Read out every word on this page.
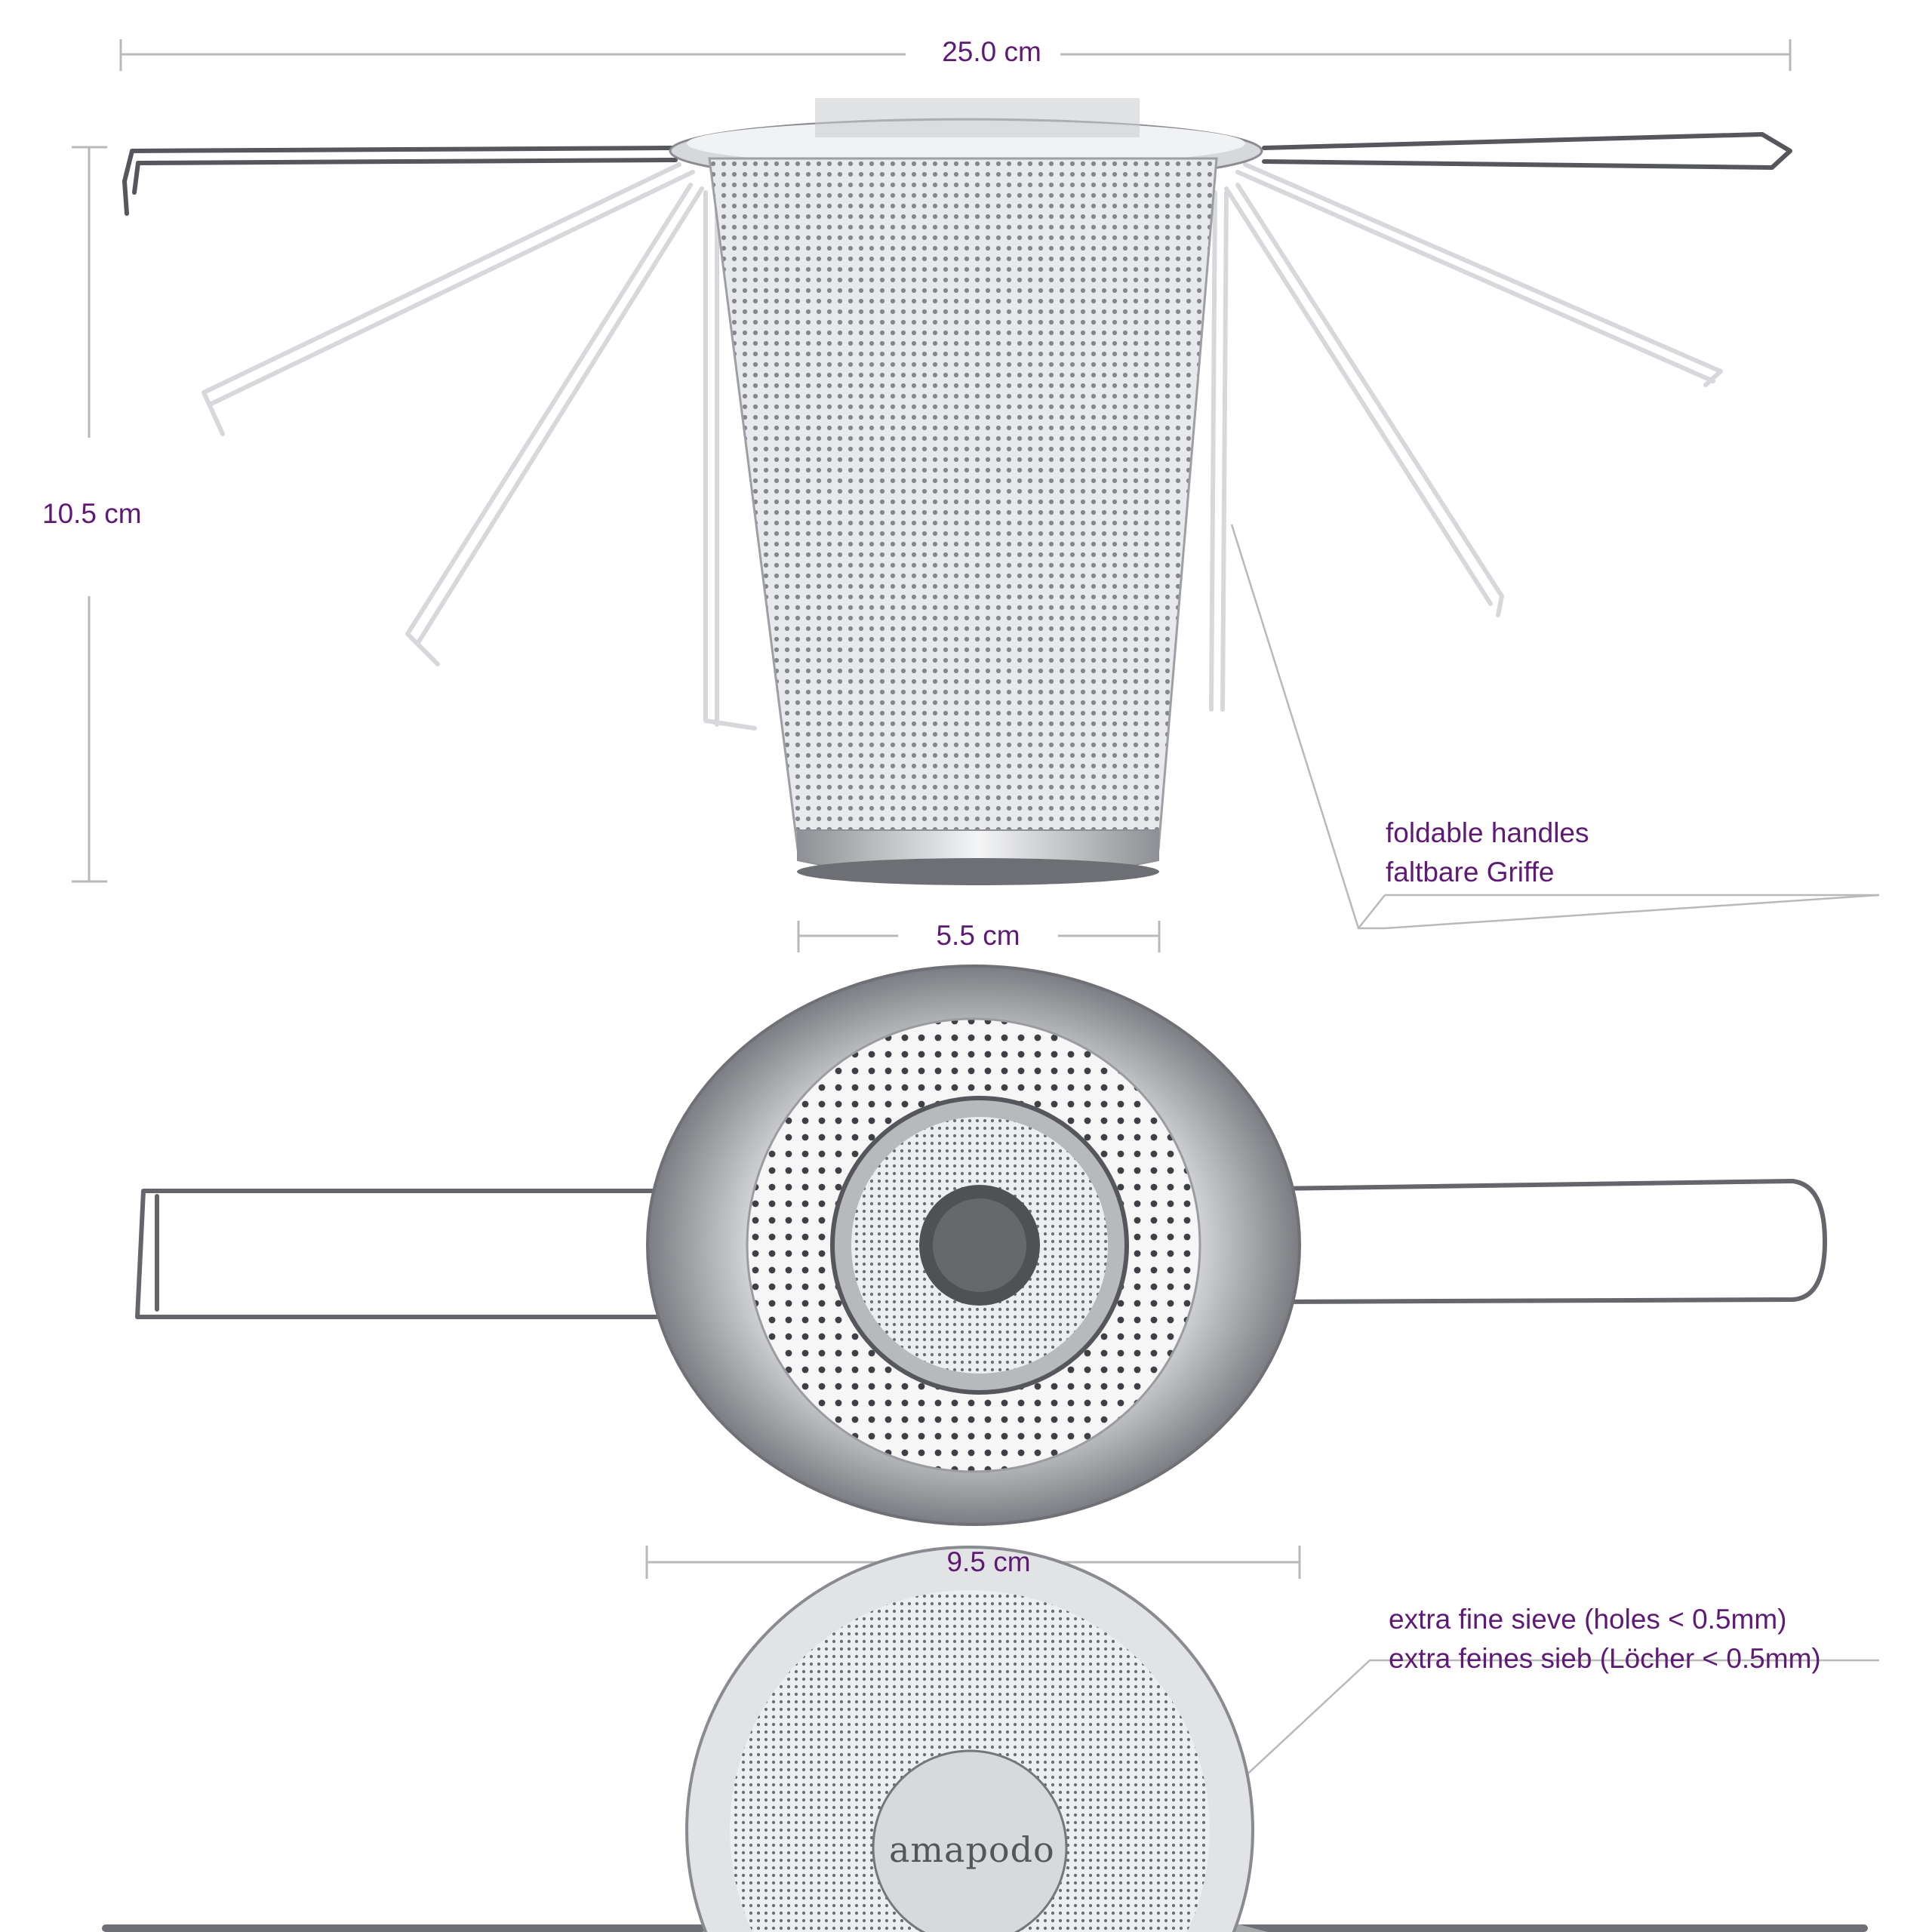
25.0 cm
10.5 cm
5.5 cm
9.5 cm
foldable handles
faltbare Griffe
extra fine sieve (holes < 0.5mm)
extra feines sieb (Löcher < 0.5mm)
amapodo
